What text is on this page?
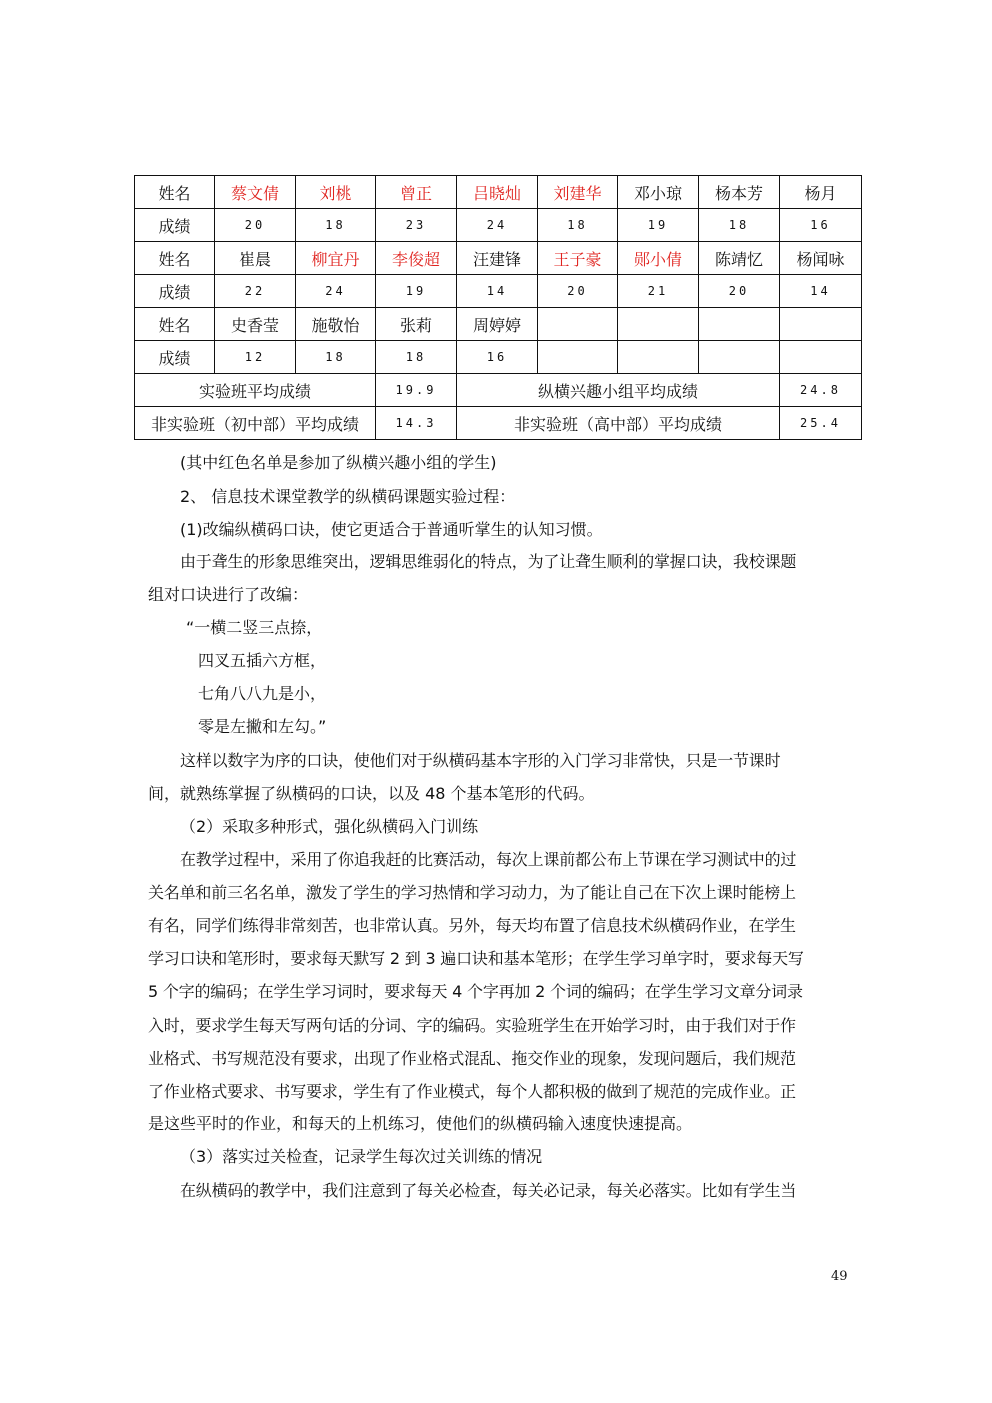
姓名	蔡文倩	刘桃	曾正	吕晓灿	刘建华	邓小琼	杨本芳	杨月
成绩	20	18	23	24	18	19	18	16
姓名	崔晨	柳宜丹	李俊超	汪建锋	王子豪	郧小倩	陈靖忆	杨闻咏
成绩	22	24	19	14	20	21	20	14
姓名	史香莹	施敬怡	张莉	周婷婷				
成绩	12	18	18	16				
实验班平均成绩			19.9	纵横兴趣小组平均成绩				24.8
非实验班（初中部）平均成绩			14.3	非实验班（高中部）平均成绩				25.4
(其中红色名单是参加了纵横兴趣小组的学生)
2、 信息技术课堂教学的纵横码课题实验过程：
(1)改编纵横码口诀，使它更适合于普通听掌生的认知习惯。
由于聋生的形象思维突出，逻辑思维弱化的特点，为了让聋生顺利的掌握口诀，我校课题
组对口诀进行了改编：
“一横二竖三点捺，
四叉五插六方框，
七角八八九是小，
零是左撇和左勾。”
这样以数字为序的口诀，使他们对于纵横码基本字形的入门学习非常快，只是一节课时
间，就熟练掌握了纵横码的口诀，以及 48 个基本笔形的代码。
（2）采取多种形式，强化纵横码入门训练
在教学过程中，采用了你追我赶的比赛活动，每次上课前都公布上节课在学习测试中的过
关名单和前三名名单，激发了学生的学习热情和学习动力，为了能让自己在下次上课时能榜上
有名，同学们练得非常刻苦，也非常认真。另外，每天均布置了信息技术纵横码作业，在学生
学习口诀和笔形时，要求每天默写 2 到 3 遍口诀和基本笔形；在学生学习单字时，要求每天写
5 个字的编码；在学生学习词时，要求每天 4 个字再加 2 个词的编码；在学生学习文章分词录
入时，要求学生每天写两句话的分词、字的编码。实验班学生在开始学习时，由于我们对于作
业格式、书写规范没有要求，出现了作业格式混乱、拖交作业的现象，发现问题后，我们规范
了作业格式要求、书写要求，学生有了作业模式，每个人都积极的做到了规范的完成作业。正
是这些平时的作业，和每天的上机练习，使他们的纵横码输入速度快速提高。
（3）落实过关检查，记录学生每次过关训练的情况
在纵横码的教学中，我们注意到了每关必检查，每关必记录，每关必落实。比如有学生当
49
